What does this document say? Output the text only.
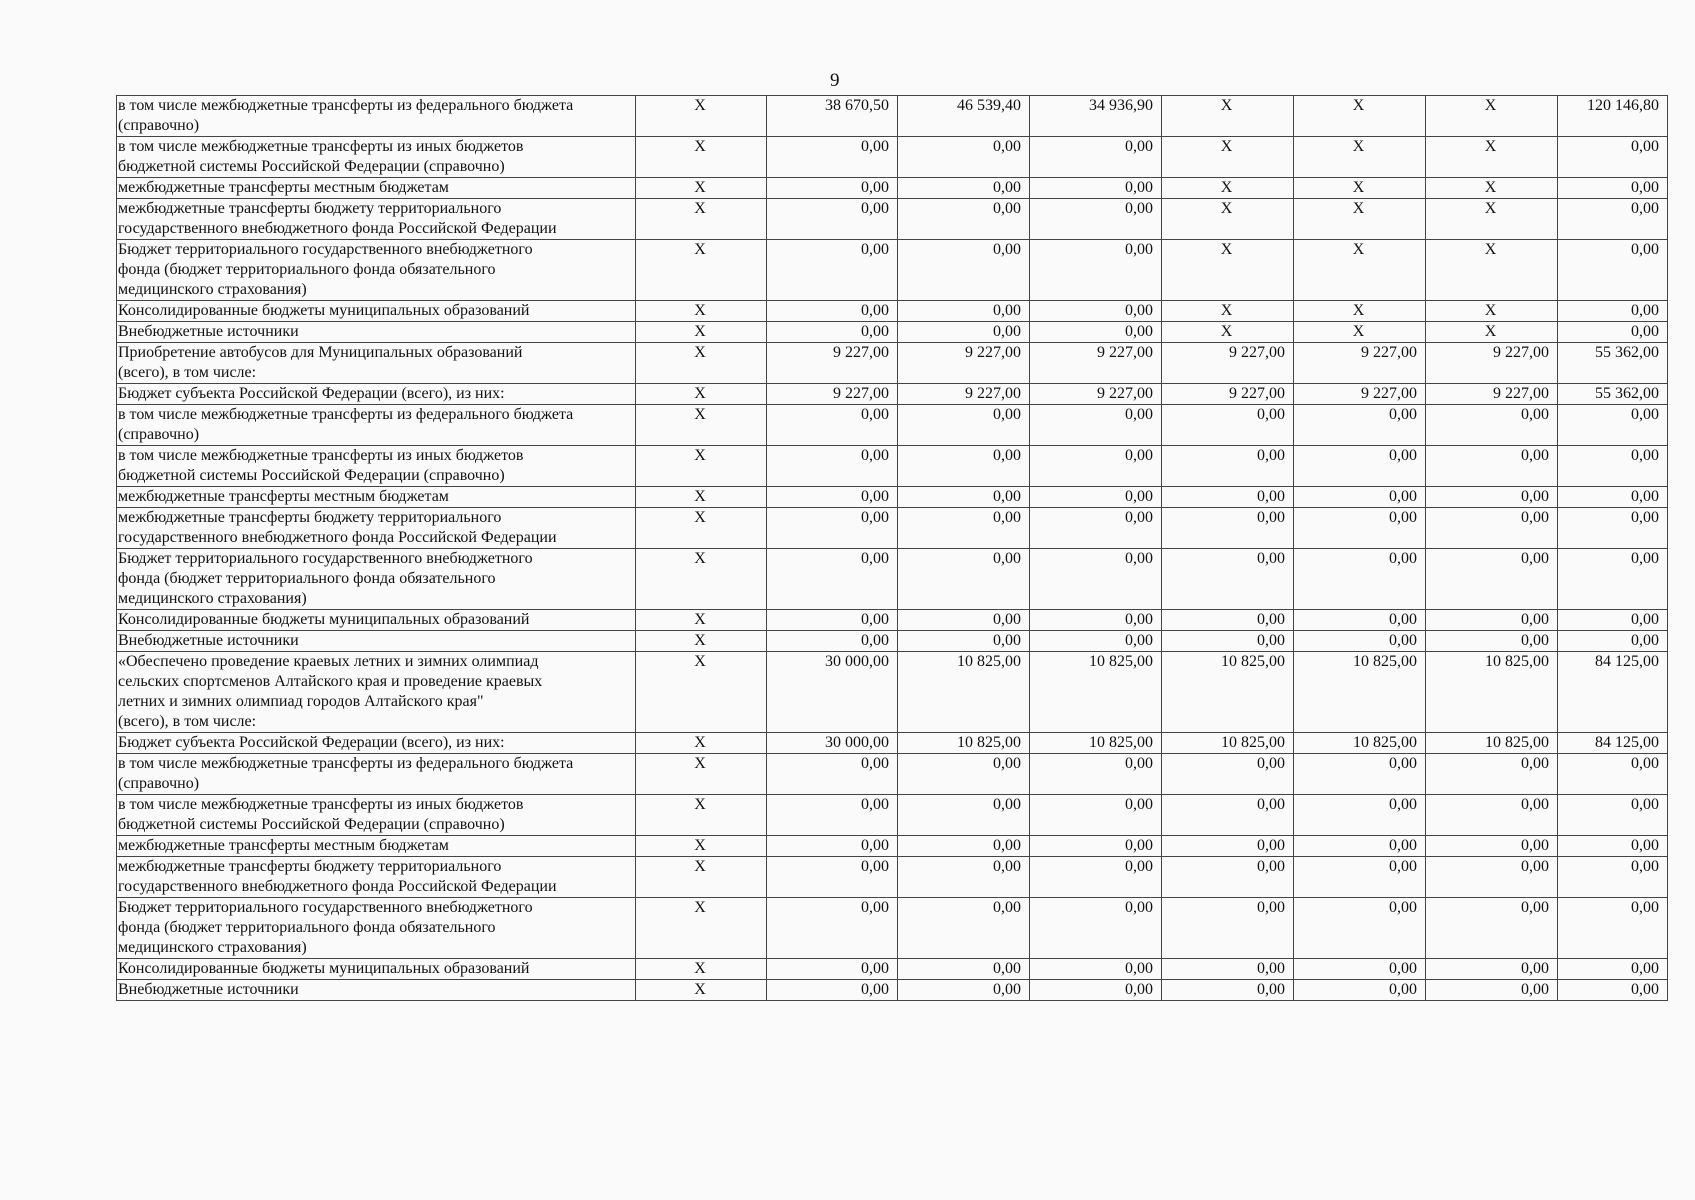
9
в том числе межбюджетные трансферты из федерального бюджета
(справочно)	X	38 670,50	46 539,40	34 936,90	X	X	X	120 146,80
в том числе межбюджетные трансферты из иных бюджетов
бюджетной системы Российской Федерации (справочно)	X	0,00	0,00	0,00	X	X	X	0,00
межбюджетные трансферты местным бюджетам	X	0,00	0,00	0,00	X	X	X	0,00
межбюджетные трансферты бюджету территориального
государственного внебюджетного фонда Российской Федерации	X	0,00	0,00	0,00	X	X	X	0,00
Бюджет территориального государственного внебюджетного
фонда (бюджет территориального фонда обязательного
медицинского страхования)	X	0,00	0,00	0,00	X	X	X	0,00
Консолидированные бюджеты муниципальных образований	X	0,00	0,00	0,00	X	X	X	0,00
Внебюджетные источники	X	0,00	0,00	0,00	X	X	X	0,00
Приобретение автобусов для Муниципальных образований
(всего), в том числе:	X	9 227,00	9 227,00	9 227,00	9 227,00	9 227,00	9 227,00	55 362,00
Бюджет субъекта Российской Федерации (всего), из них:	X	9 227,00	9 227,00	9 227,00	9 227,00	9 227,00	9 227,00	55 362,00
в том числе межбюджетные трансферты из федерального бюджета
(справочно)	X	0,00	0,00	0,00	0,00	0,00	0,00	0,00
в том числе межбюджетные трансферты из иных бюджетов
бюджетной системы Российской Федерации (справочно)	X	0,00	0,00	0,00	0,00	0,00	0,00	0,00
межбюджетные трансферты местным бюджетам	X	0,00	0,00	0,00	0,00	0,00	0,00	0,00
межбюджетные трансферты бюджету территориального
государственного внебюджетного фонда Российской Федерации	X	0,00	0,00	0,00	0,00	0,00	0,00	0,00
Бюджет территориального государственного внебюджетного
фонда (бюджет территориального фонда обязательного
медицинского страхования)	X	0,00	0,00	0,00	0,00	0,00	0,00	0,00
Консолидированные бюджеты муниципальных образований	X	0,00	0,00	0,00	0,00	0,00	0,00	0,00
Внебюджетные источники	X	0,00	0,00	0,00	0,00	0,00	0,00	0,00
«Обеспечено проведение краевых летних и зимних олимпиад
сельских спортсменов Алтайского края и проведение краевых
летних и зимних олимпиад городов Алтайского края"
(всего), в том числе:	X	30 000,00	10 825,00	10 825,00	10 825,00	10 825,00	10 825,00	84 125,00
Бюджет субъекта Российской Федерации (всего), из них:	X	30 000,00	10 825,00	10 825,00	10 825,00	10 825,00	10 825,00	84 125,00
в том числе межбюджетные трансферты из федерального бюджета
(справочно)	X	0,00	0,00	0,00	0,00	0,00	0,00	0,00
в том числе межбюджетные трансферты из иных бюджетов
бюджетной системы Российской Федерации (справочно)	X	0,00	0,00	0,00	0,00	0,00	0,00	0,00
межбюджетные трансферты местным бюджетам	X	0,00	0,00	0,00	0,00	0,00	0,00	0,00
межбюджетные трансферты бюджету территориального
государственного внебюджетного фонда Российской Федерации	X	0,00	0,00	0,00	0,00	0,00	0,00	0,00
Бюджет территориального государственного внебюджетного
фонда (бюджет территориального фонда обязательного
медицинского страхования)	X	0,00	0,00	0,00	0,00	0,00	0,00	0,00
Консолидированные бюджеты муниципальных образований	X	0,00	0,00	0,00	0,00	0,00	0,00	0,00
Внебюджетные источники	X	0,00	0,00	0,00	0,00	0,00	0,00	0,00
